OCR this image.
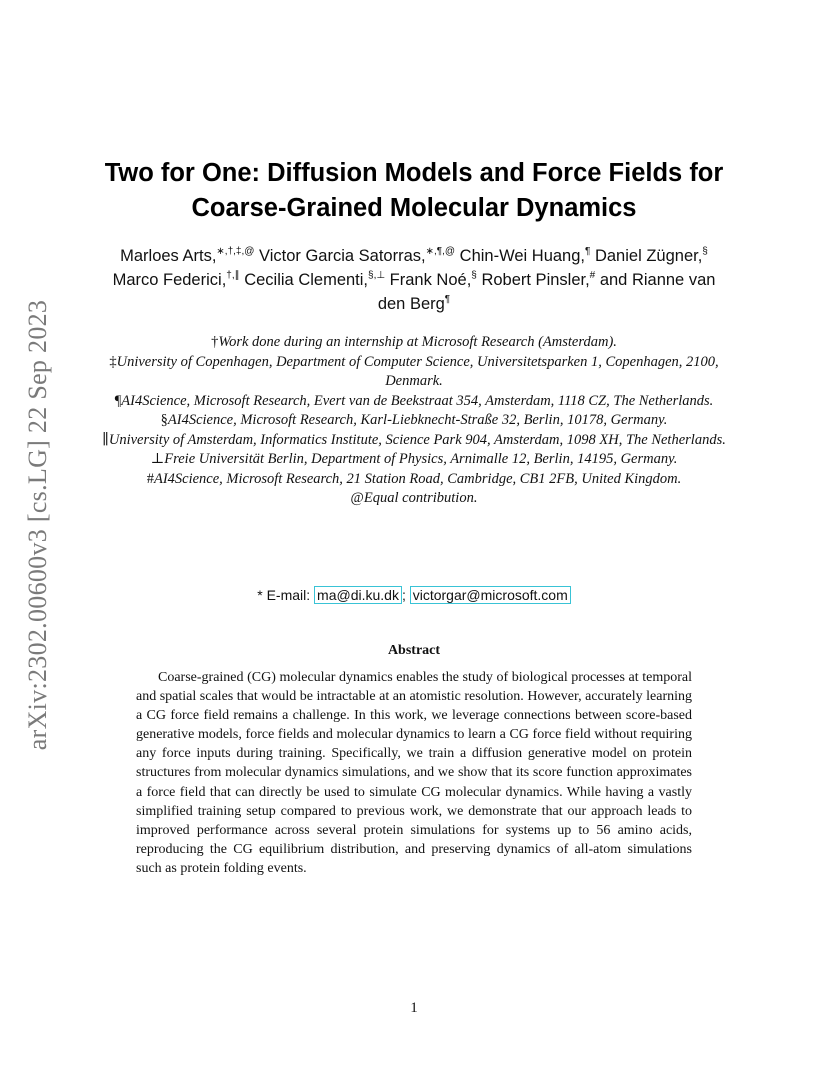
arXiv:2302.00600v3 [cs.LG] 22 Sep 2023
Two for One: Diffusion Models and Force Fields for Coarse-Grained Molecular Dynamics
Marloes Arts,∗,†,‡,@ Victor Garcia Satorras,∗,¶,@ Chin-Wei Huang,¶ Daniel Zügner,§ Marco Federici,†,∥ Cecilia Clementi,§,⊥ Frank Noé,§ Robert Pinsler,# and Rianne van den Berg¶
†Work done during an internship at Microsoft Research (Amsterdam).
‡University of Copenhagen, Department of Computer Science, Universitetsparken 1, Copenhagen, 2100, Denmark.
¶AI4Science, Microsoft Research, Evert van de Beekstraat 354, Amsterdam, 1118 CZ, The Netherlands.
§AI4Science, Microsoft Research, Karl-Liebknecht-Straße 32, Berlin, 10178, Germany.
∥University of Amsterdam, Informatics Institute, Science Park 904, Amsterdam, 1098 XH, The Netherlands.
⊥Freie Universität Berlin, Department of Physics, Arnimalle 12, Berlin, 14195, Germany.
#AI4Science, Microsoft Research, 21 Station Road, Cambridge, CB1 2FB, United Kingdom.
@Equal contribution.
* E-mail: ma@di.ku.dk ; victorgar@microsoft.com
Abstract

Coarse-grained (CG) molecular dynamics enables the study of biological processes at temporal and spatial scales that would be intractable at an atomistic resolution. However, accurately learning a CG force field remains a challenge. In this work, we leverage connections between score-based generative models, force fields and molecular dynamics to learn a CG force field without requiring any force inputs during training. Specifically, we train a diffusion generative model on protein structures from molecular dynamics simulations, and we show that its score function approximates a force field that can directly be used to simulate CG molecular dynamics. While having a vastly simplified training setup compared to previous work, we demonstrate that our approach leads to improved performance across several protein simulations for systems up to 56 amino acids, reproducing the CG equilibrium distribution, and preserving dynamics of all-atom simulations such as protein folding events.

1
